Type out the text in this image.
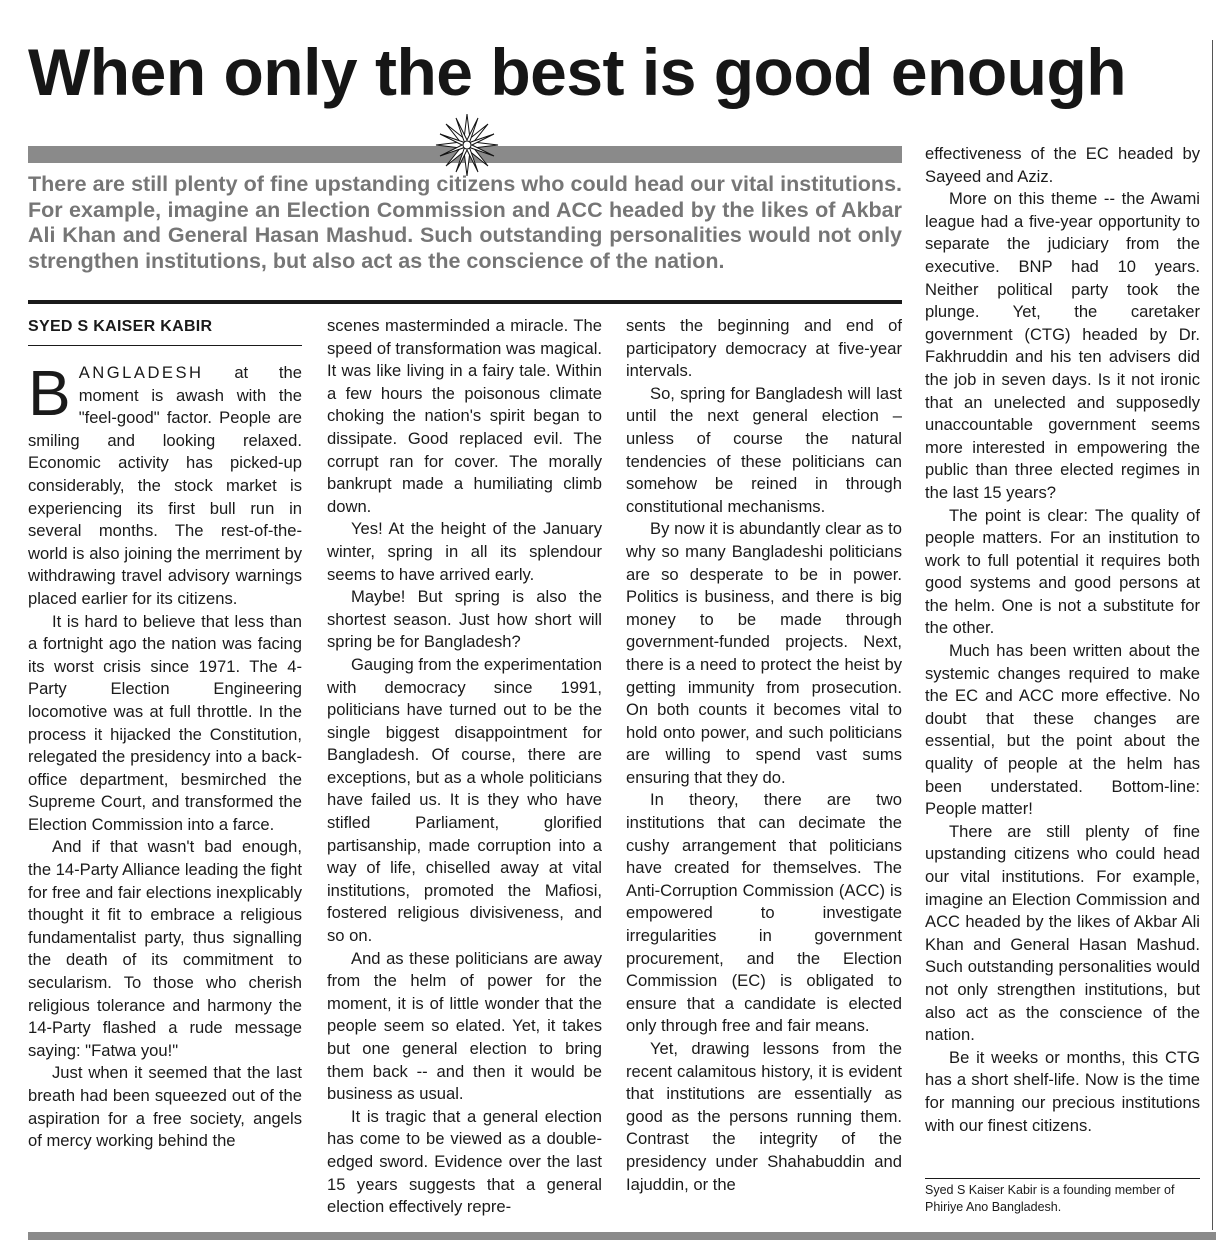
When only the best is good enough

There are still plenty of fine upstanding citizens who could head our vital institutions. For example, imagine an Election Commission and ACC headed by the likes of Akbar Ali Khan and General Hasan Mashud. Such outstanding personalities would not only strengthen institutions, but also act as the conscience of the nation.

SYED S KAISER KABIR

BANGLADESH at the moment is awash with the "feel-good" factor. People are smiling and looking relaxed. Economic activity has picked-up considerably, the stock market is experiencing its first bull run in several months. The rest-of-the-world is also joining the merriment by withdrawing travel advisory warnings placed earlier for its citizens.

It is hard to believe that less than a fortnight ago the nation was facing its worst crisis since 1971. The 4-Party Election Engineering locomotive was at full throttle. In the process it hijacked the Constitution, relegated the presidency into a back-office department, besmirched the Supreme Court, and transformed the Election Commission into a farce.

And if that wasn't bad enough, the 14-Party Alliance leading the fight for free and fair elections inexplicably thought it fit to embrace a religious fundamentalist party, thus signalling the death of its commitment to secularism. To those who cherish religious tolerance and harmony the 14-Party flashed a rude message saying: "Fatwa you!"

Just when it seemed that the last breath had been squeezed out of the aspiration for a free society, angels of mercy working behind the

scenes masterminded a miracle. The speed of transformation was magical. It was like living in a fairy tale. Within a few hours the poisonous climate choking the nation's spirit began to dissipate. Good replaced evil. The corrupt ran for cover. The morally bankrupt made a humiliating climb down.

Yes! At the height of the January winter, spring in all its splendour seems to have arrived early.

Maybe! But spring is also the shortest season. Just how short will spring be for Bangladesh?

Gauging from the experimentation with democracy since 1991, politicians have turned out to be the single biggest disappointment for Bangladesh. Of course, there are exceptions, but as a whole politicians have failed us. It is they who have stifled Parliament, glorified partisanship, made corruption into a way of life, chiselled away at vital institutions, promoted the Mafiosi, fostered religious divisiveness, and so on.

And as these politicians are away from the helm of power for the moment, it is of little wonder that the people seem so elated. Yet, it takes but one general election to bring them back -- and then it would be business as usual.

It is tragic that a general election has come to be viewed as a double-edged sword. Evidence over the last 15 years suggests that a general election effectively repre-

sents the beginning and end of participatory democracy at five-year intervals.

So, spring for Bangladesh will last until the next general election – unless of course the natural tendencies of these politicians can somehow be reined in through constitutional mechanisms.

By now it is abundantly clear as to why so many Bangladeshi politicians are so desperate to be in power. Politics is business, and there is big money to be made through government-funded projects. Next, there is a need to protect the heist by getting immunity from prosecution. On both counts it becomes vital to hold onto power, and such politicians are willing to spend vast sums ensuring that they do.

In theory, there are two institutions that can decimate the cushy arrangement that politicians have created for themselves. The Anti-Corruption Commission (ACC) is empowered to investigate irregularities in government procurement, and the Election Commission (EC) is obligated to ensure that a candidate is elected only through free and fair means.

Yet, drawing lessons from the recent calamitous history, it is evident that institutions are essentially as good as the persons running them. Contrast the integrity of the presidency under Shahabuddin and Iajuddin, or the

effectiveness of the EC headed by Sayeed and Aziz.

More on this theme -- the Awami league had a five-year opportunity to separate the judiciary from the executive. BNP had 10 years. Neither political party took the plunge. Yet, the caretaker government (CTG) headed by Dr. Fakhruddin and his ten advisers did the job in seven days. Is it not ironic that an unelected and supposedly unaccountable government seems more interested in empowering the public than three elected regimes in the last 15 years?

The point is clear: The quality of people matters. For an institution to work to full potential it requires both good systems and good persons at the helm. One is not a substitute for the other.

Much has been written about the systemic changes required to make the EC and ACC more effective. No doubt that these changes are essential, but the point about the quality of people at the helm has been understated. Bottom-line: People matter!

There are still plenty of fine upstanding citizens who could head our vital institutions. For example, imagine an Election Commission and ACC headed by the likes of Akbar Ali Khan and General Hasan Mashud. Such outstanding personalities would not only strengthen institutions, but also act as the conscience of the nation.

Be it weeks or months, this CTG has a short shelf-life. Now is the time for manning our precious institutions with our finest citizens.

Syed S Kaiser Kabir is a founding member of Phiriye Ano Bangladesh.
